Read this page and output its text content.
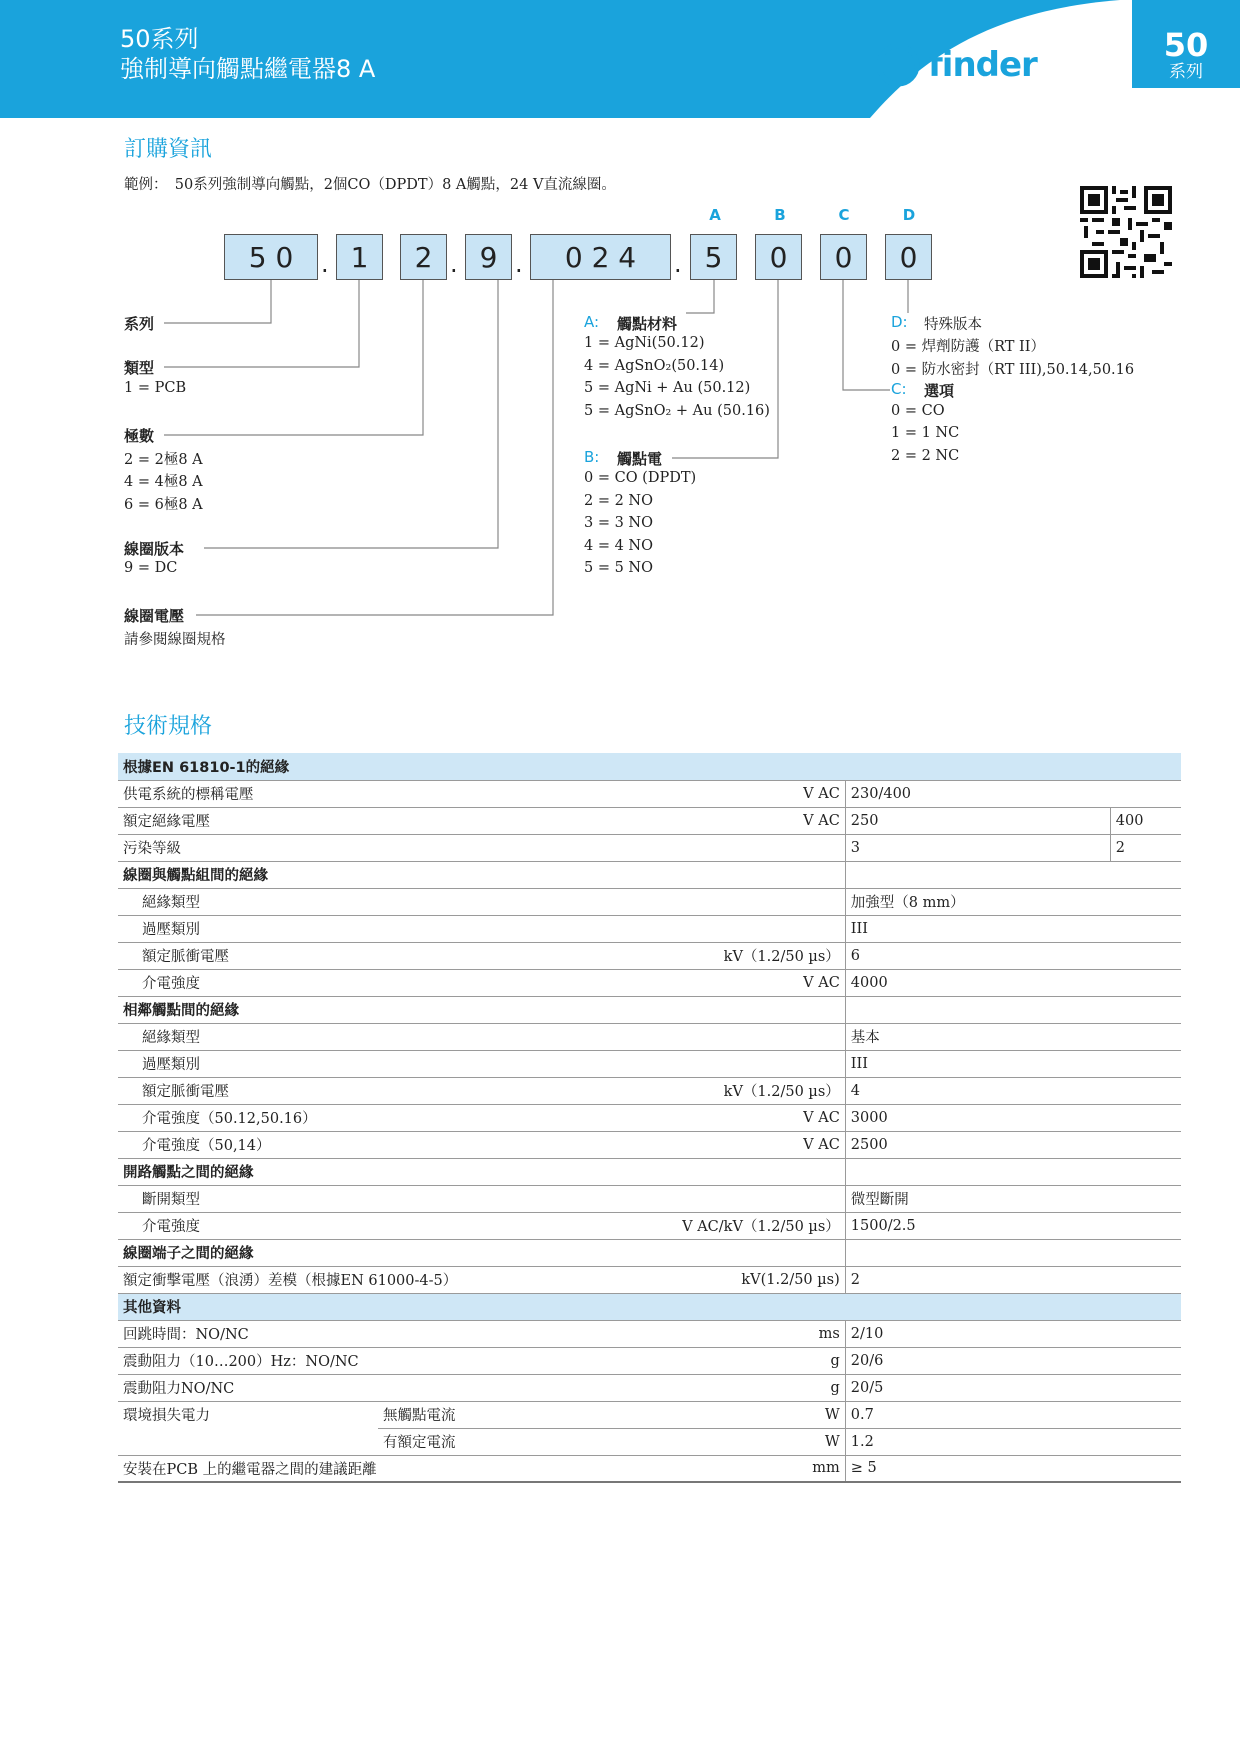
50系列
強制導向觸點繼電器8 A	finder	50
系列
訂購資訊
範例：　50系列強制導向觸點，2個CO（DPDT）8 A觸點，24 V直流線圈。
A	B	C	D
5 0	. 1	2 . 9 .	0 2 4	. 5	0	0	0
系列
類型
1 = PCB
極數
2 = 2極8 A
4 = 4極8 A
6 = 6極8 A
線圈版本
9 = DC
線圈電壓
請參閱線圈規格
A: 觸點材料
1 = AgNi(50.12)
4 = AgSnO₂(50.14)
5 = AgNi + Au (50.12)
5 = AgSnO₂ + Au (50.16)
B: 觸點電
0 = CO (DPDT)
2 = 2 NO
3 = 3 NO
4 = 4 NO
5 = 5 NO
D: 特殊版本
0 = 焊劑防護（RT II）
0 = 防水密封（RT III),50.14,50.16
C: 選項
0 = CO
1 = 1 NC
2 = 2 NC
技術規格
根據EN 61810-1的絕緣				
供電系統的標稱電壓		V AC	230/400	
額定絕緣電壓		V AC	250	400
污染等級			3	2
線圈與觸點組間的絕緣				
絕緣類型			加強型（8 mm）	
過壓類別			III	
額定脈衝電壓		kV（1.2/50 µs）	6	
介電強度		V AC	4000	
相鄰觸點間的絕緣				
絕緣類型			基本	
過壓類別			III	
額定脈衝電壓		kV（1.2/50 µs）	4	
介電強度（50.12,50.16）		V AC	3000	
介電強度（50,14）		V AC	2500	
開路觸點之間的絕緣				
斷開類型			微型斷開	
介電強度		V AC/kV（1.2/50 µs）	1500/2.5	
線圈端子之間的絕緣				
額定衝擊電壓（浪湧）差模（根據EN 61000-4-5）		kV(1.2/50 µs)	2	
其他資料				
回跳時間：NO/NC		ms	2/10	
震動阻力（10…200）Hz：NO/NC		g	20/6	
震動阻力NO/NC		g	20/5	
環境損失電力	無觸點電流	W	0.7	
	有額定電流	W	1.2	
安裝在PCB 上的繼電器之間的建議距離		mm	≥ 5	
